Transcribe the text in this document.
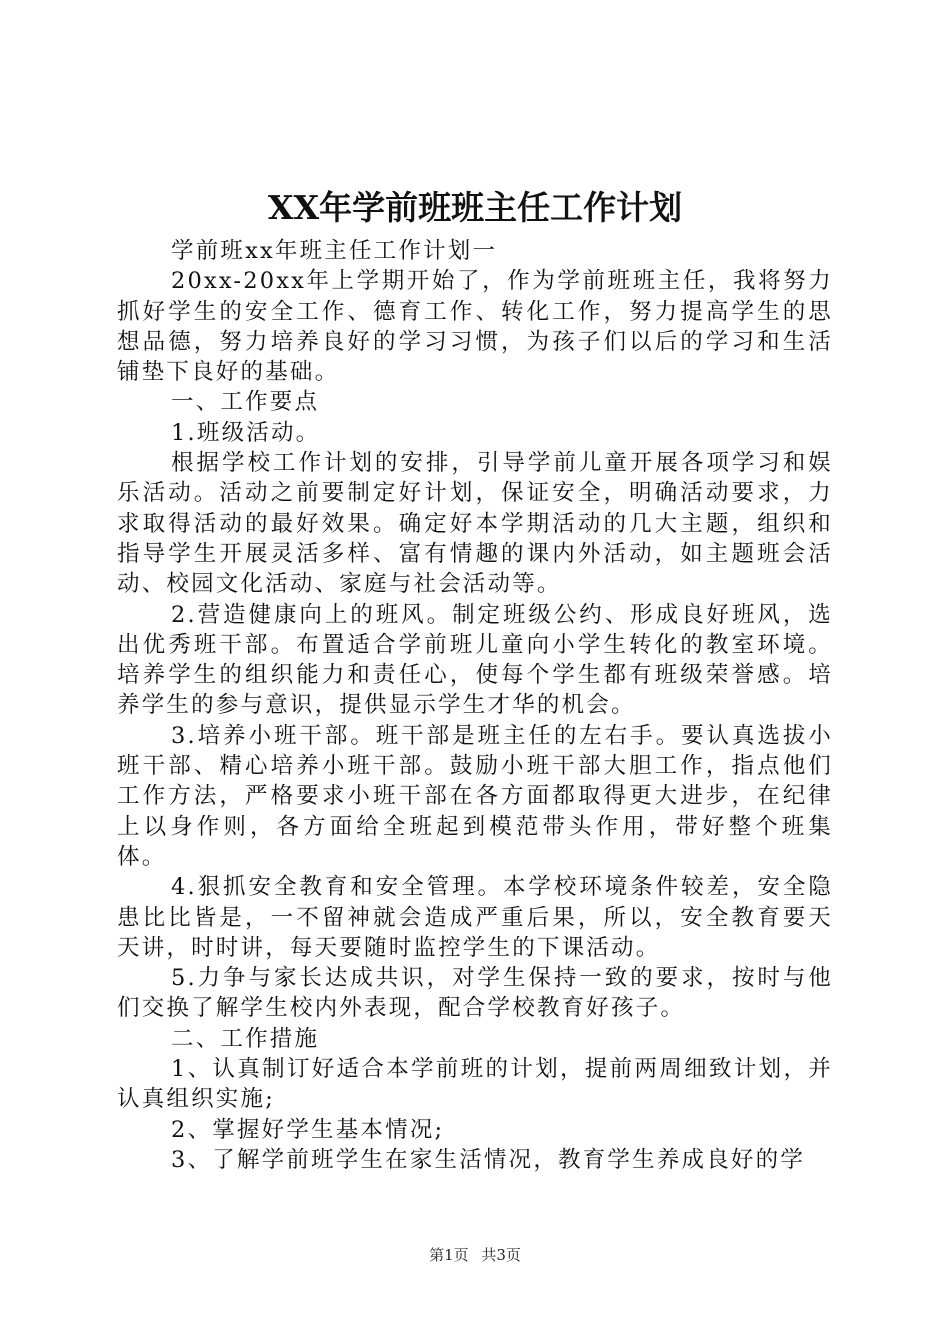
XX年学前班班主任工作计划

学前班xx年班主任工作计划一

20xx-20xx年上学期开始了，作为学前班班主任，我将努力抓好学生的安全工作、德育工作、转化工作，努力提高学生的思想品德，努力培养良好的学习习惯，为孩子们以后的学习和生活铺垫下良好的基础。

一、工作要点

1.班级活动。

根据学校工作计划的安排，引导学前儿童开展各项学习和娱乐活动。活动之前要制定好计划，保证安全，明确活动要求，力求取得活动的最好效果。确定好本学期活动的几大主题，组织和指导学生开展灵活多样、富有情趣的课内外活动，如主题班会活动、校园文化活动、家庭与社会活动等。

2.营造健康向上的班风。制定班级公约、形成良好班风，选出优秀班干部。布置适合学前班儿童向小学生转化的教室环境。培养学生的组织能力和责任心，使每个学生都有班级荣誉感。培养学生的参与意识，提供显示学生才华的机会。

3.培养小班干部。班干部是班主任的左右手。要认真选拔小班干部、精心培养小班干部。鼓励小班干部大胆工作，指点他们工作方法，严格要求小班干部在各方面都取得更大进步，在纪律上以身作则，各方面给全班起到模范带头作用，带好整个班集体。

4.狠抓安全教育和安全管理。本学校环境条件较差，安全隐患比比皆是，一不留神就会造成严重后果，所以，安全教育要天天讲，时时讲，每天要随时监控学生的下课活动。

5.力争与家长达成共识，对学生保持一致的要求，按时与他们交换了解学生校内外表现，配合学校教育好孩子。

二、工作措施

1、认真制订好适合本学前班的计划，提前两周细致计划，并认真组织实施;

2、掌握好学生基本情况;

3、了解学前班学生在家生活情况，教育学生养成良好的学

第1页 共3页
